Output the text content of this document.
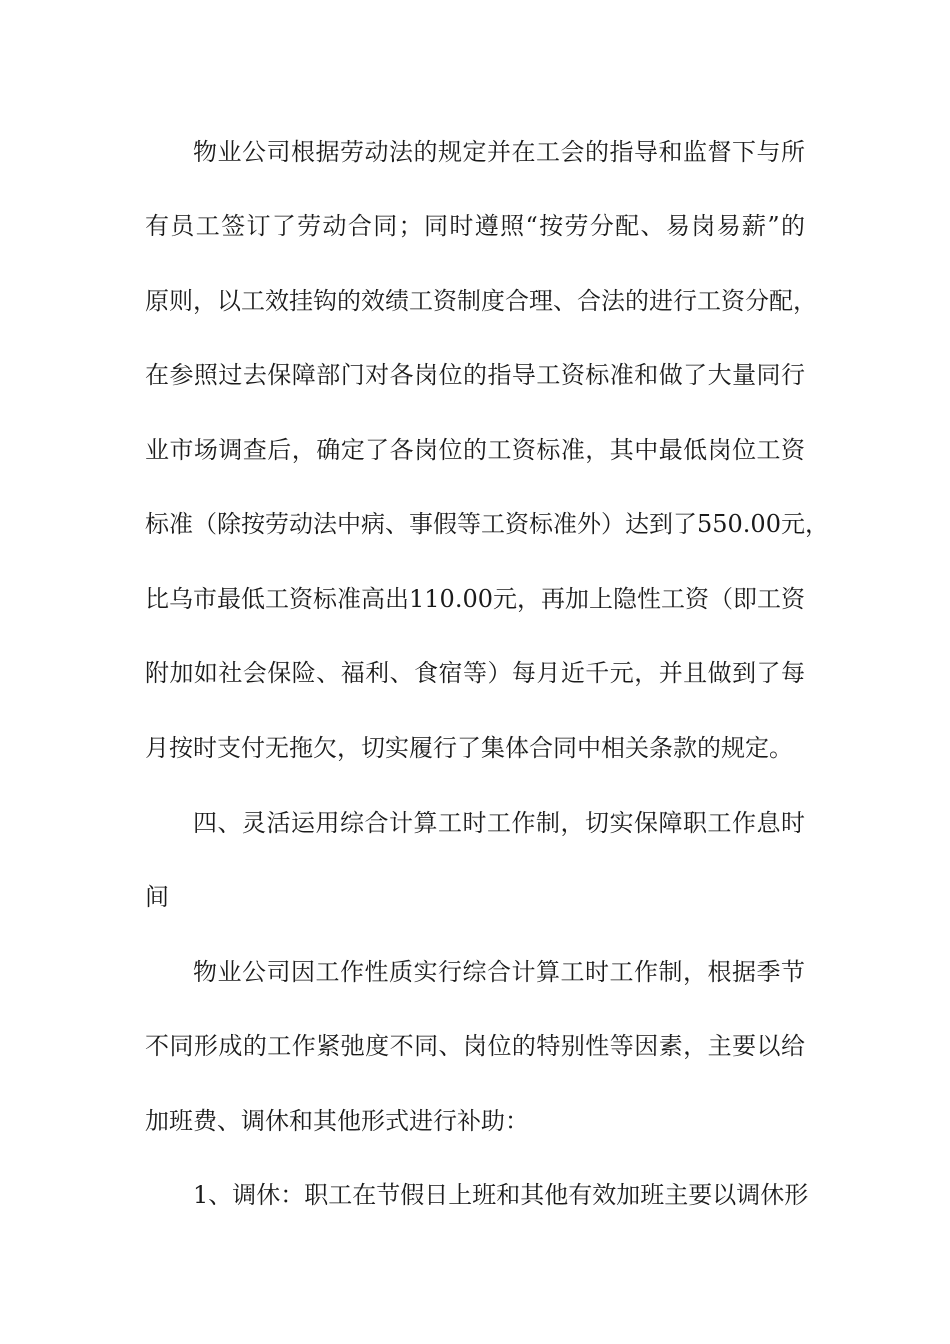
物业公司根据劳动法的规定并在工会的指导和监督下与所
有员工签订了劳动合同；同时遵照“按劳分配、易岗易薪”的
原则，以工效挂钩的效绩工资制度合理、合法的进行工资分配，
在参照过去保障部门对各岗位的指导工资标准和做了大量同行
业市场调查后，确定了各岗位的工资标准，其中最低岗位工资
标准（除按劳动法中病、事假等工资标准外）达到了550.00元，
比乌市最低工资标准高出110.00元，再加上隐性工资（即工资
附加如社会保险、福利、食宿等）每月近千元，并且做到了每
月按时支付无拖欠，切实履行了集体合同中相关条款的规定。
四、灵活运用综合计算工时工作制，切实保障职工作息时
间
物业公司因工作性质实行综合计算工时工作制，根据季节
不同形成的工作紧弛度不同、岗位的特别性等因素，主要以给
加班费、调休和其他形式进行补助：
1、调休：职工在节假日上班和其他有效加班主要以调休形
